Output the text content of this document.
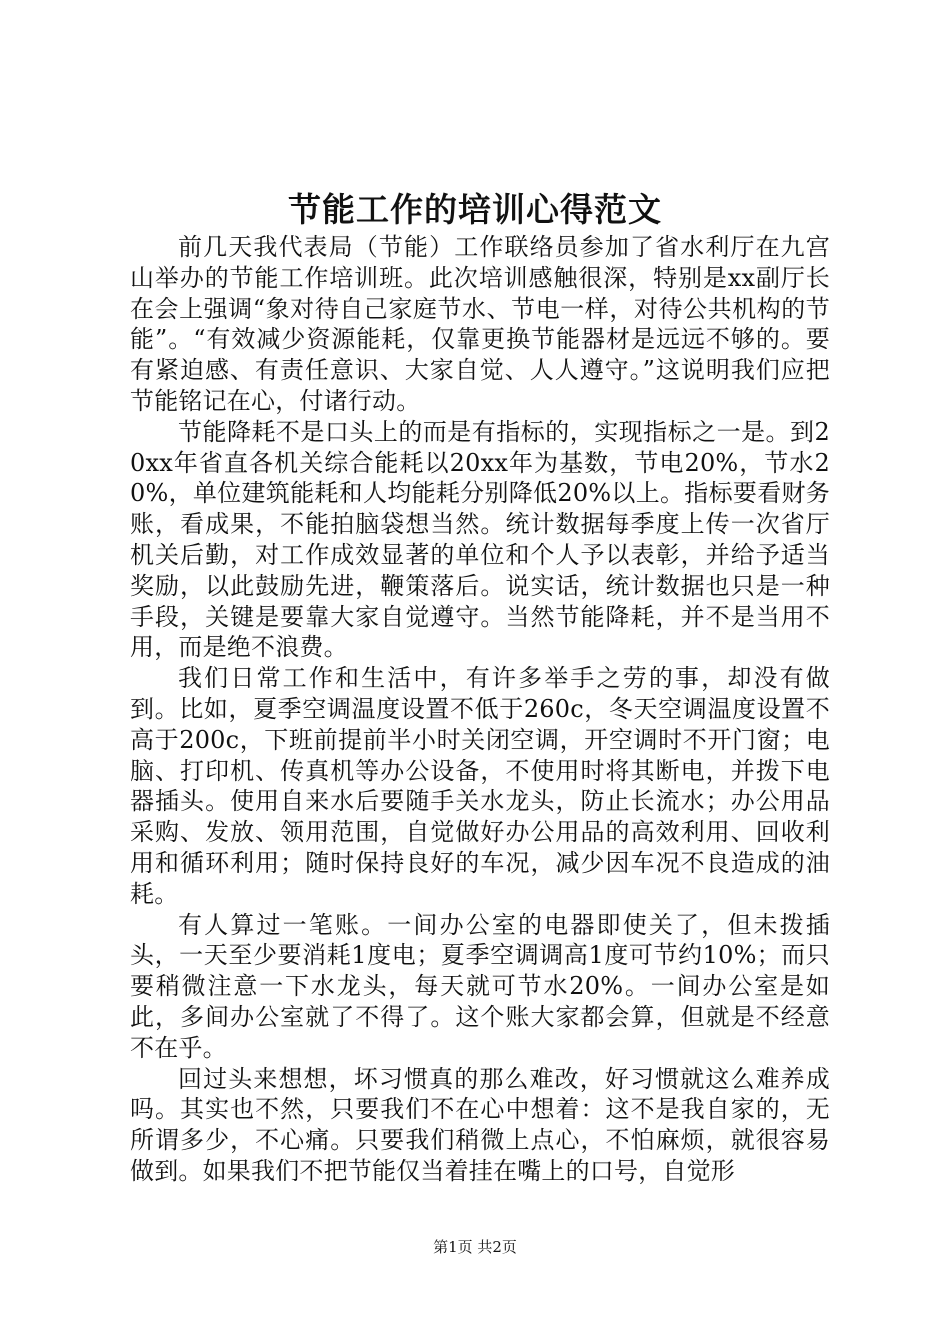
节能工作的培训心得范文

前几天我代表局（节能）工作联络员参加了省水利厅在九宫山举办的节能工作培训班。此次培训感触很深，特别是xx副厅长在会上强调“象对待自己家庭节水、节电一样，对待公共机构的节能”。“有效减少资源能耗，仅靠更换节能器材是远远不够的。要有紧迫感、有责任意识、大家自觉、人人遵守。”这说明我们应把节能铭记在心，付诸行动。

节能降耗不是口头上的而是有指标的，实现指标之一是。到20xx年省直各机关综合能耗以20xx年为基数，节电20%，节水20%，单位建筑能耗和人均能耗分别降低20%以上。指标要看财务账，看成果，不能拍脑袋想当然。统计数据每季度上传一次省厅机关后勤，对工作成效显著的单位和个人予以表彰，并给予适当奖励，以此鼓励先进，鞭策落后。说实话，统计数据也只是一种手段，关键是要靠大家自觉遵守。当然节能降耗，并不是当用不用，而是绝不浪费。

我们日常工作和生活中，有许多举手之劳的事，却没有做到。比如，夏季空调温度设置不低于260c，冬天空调温度设置不高于200c，下班前提前半小时关闭空调，开空调时不开门窗；电脑、打印机、传真机等办公设备，不使用时将其断电，并拨下电器插头。使用自来水后要随手关水龙头，防止长流水；办公用品采购、发放、领用范围，自觉做好办公用品的高效利用、回收利用和循环利用；随时保持良好的车况，减少因车况不良造成的油耗。

有人算过一笔账。一间办公室的电器即使关了，但未拨插头，一天至少要消耗1度电；夏季空调调高1度可节约10%；而只要稍微注意一下水龙头，每天就可节水20%。一间办公室是如此，多间办公室就了不得了。这个账大家都会算，但就是不经意不在乎。

回过头来想想，坏习惯真的那么难改，好习惯就这么难养成吗。其实也不然，只要我们不在心中想着：这不是我自家的，无所谓多少，不心痛。只要我们稍微上点心，不怕麻烦，就很容易做到。如果我们不把节能仅当着挂在嘴上的口号，自觉形

第1页 共2页
